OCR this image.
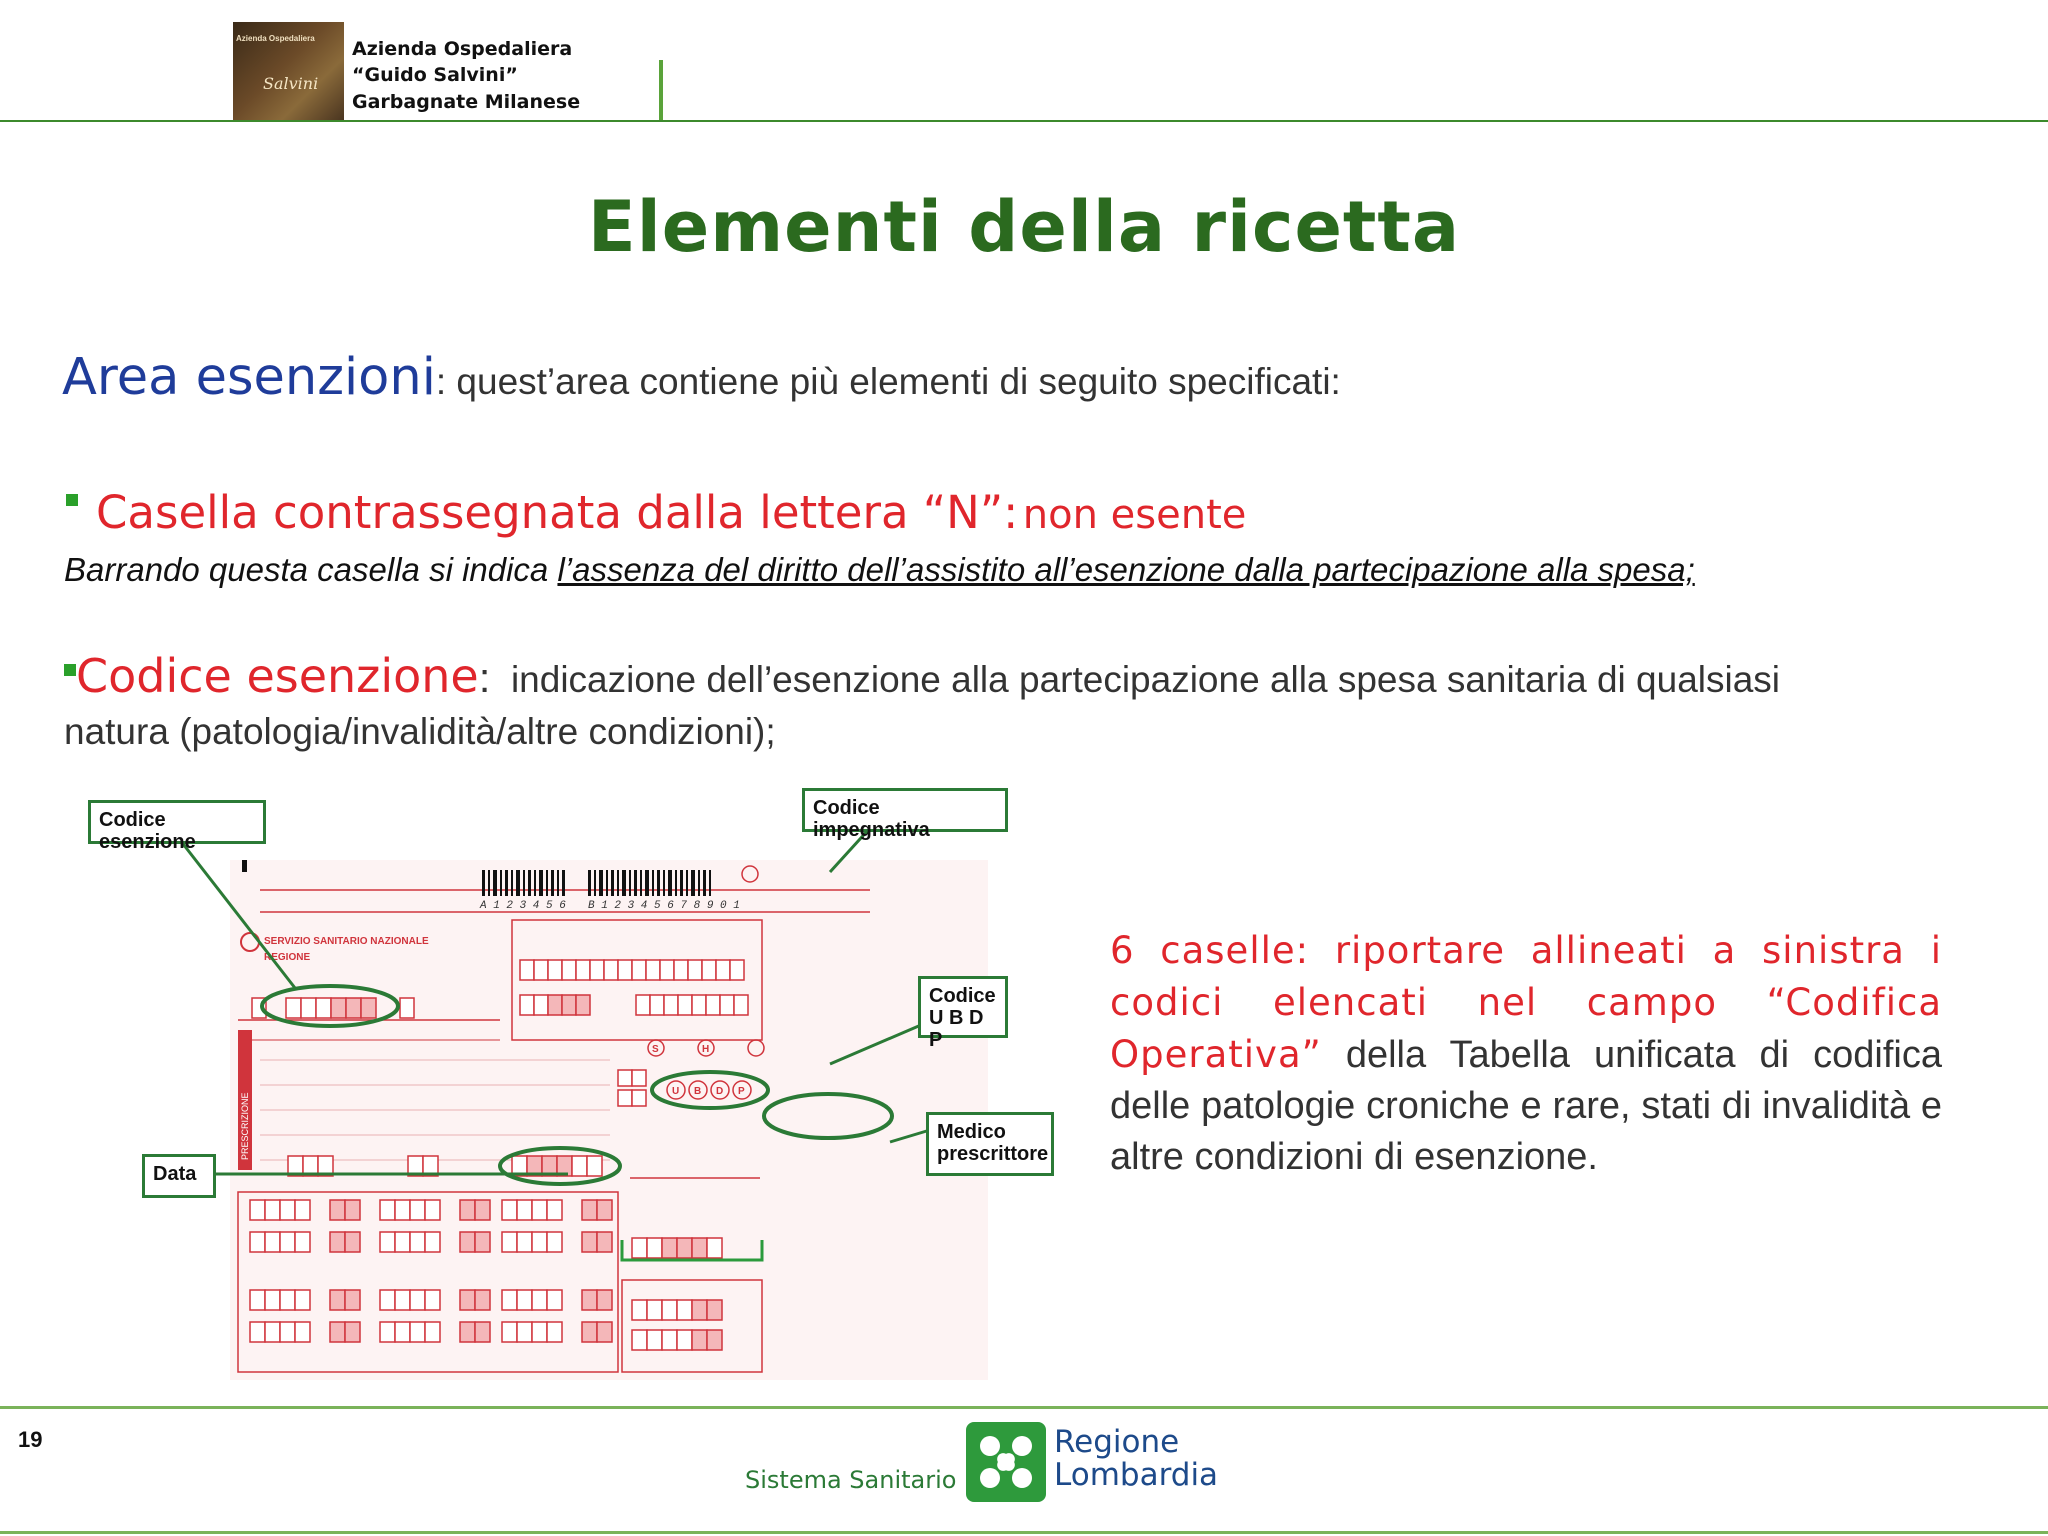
Azienda Ospedaliera
Salvini
Azienda Ospedaliera
“Guido Salvini”
Garbagnate Milanese
Elementi della ricetta
Area esenzioni: quest’area contiene più elementi di seguito specificati:
Casella contrassegnata dalla lettera “N”: non esente
Barrando questa casella si indica l’assenza del diritto dell’assistito all’esenzione dalla partecipazione alla spesa;
Codice esenzione: indicazione dell’esenzione alla partecipazione alla spesa sanitaria di qualsiasi natura (patologia/invalidità/altre condizioni);
A 1 2 3 4 5 6 B 1 2 3 4 5 6 7 8 9 0 1
SERVIZIO SANITARIO NAZIONALE
REGIONE
PRESCRIZIONE
S	H
U B D P
Codice esenzione
Codice impegnativa
Codice
U B D P
Medico
prescrittore
Data
6 caselle: riportare allineati a sinistra i codici elencati nel campo “Codifica Operativa” della Tabella unificata di codifica delle patologie croniche e rare, stati di invalidità e altre condizioni di esenzione.
19
Sistema Sanitario
Regione
Lombardia
